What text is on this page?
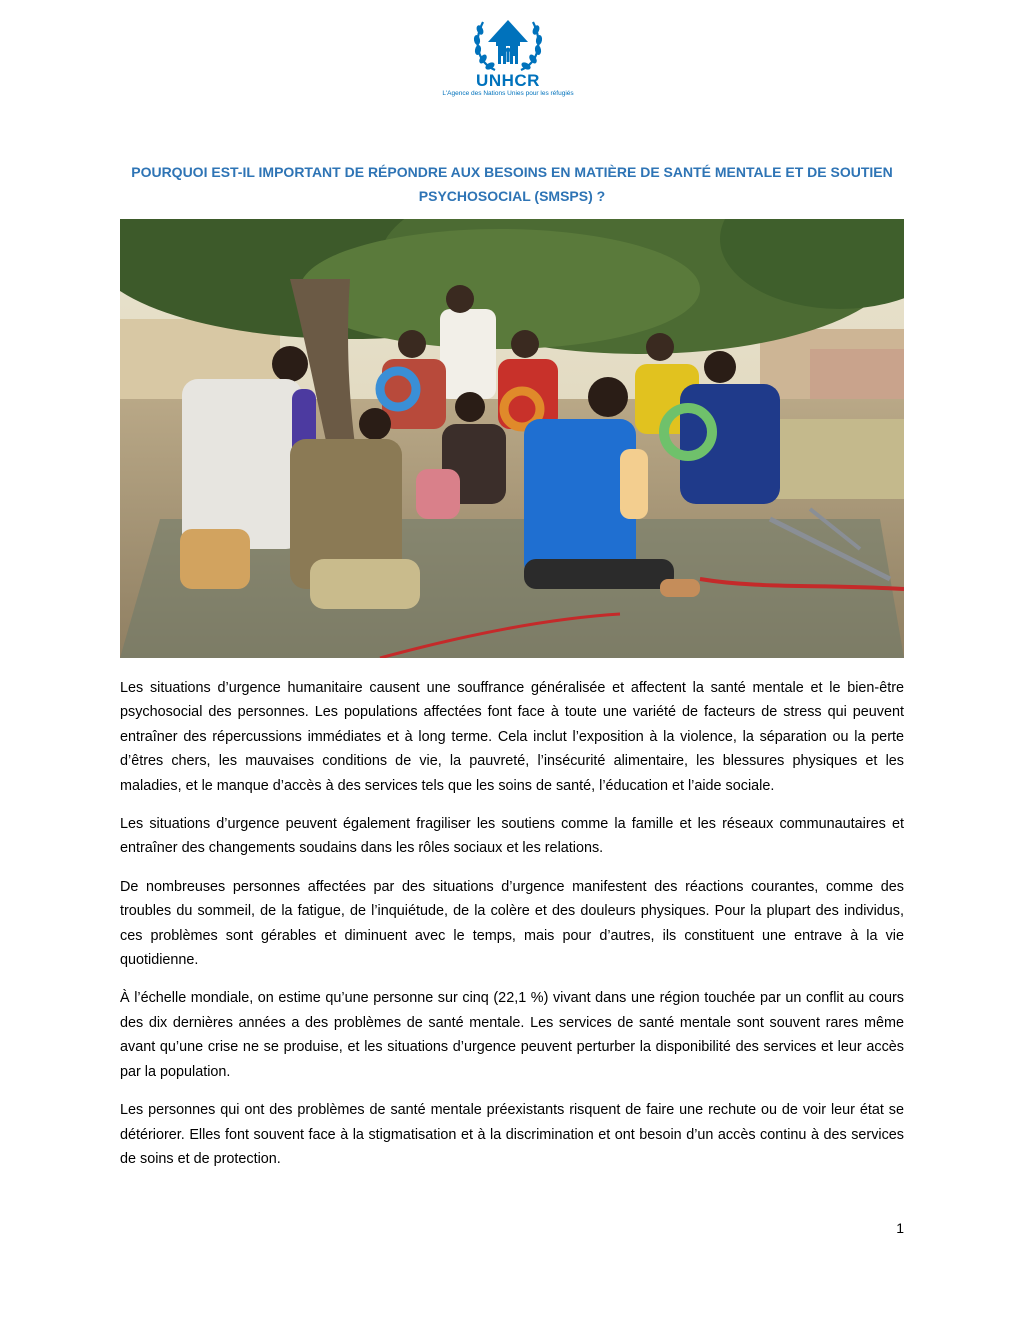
UNHCR
L'Agence des Nations Unies pour les réfugiés
POURQUOI EST-IL IMPORTANT DE RÉPONDRE AUX BESOINS EN MATIÈRE DE SANTÉ MENTALE ET DE SOUTIEN PSYCHOSOCIAL (SMSPS) ?

Les situations d’urgence humanitaire causent une souffrance généralisée et affectent la santé mentale et le bien-être psychosocial des personnes. Les populations affectées font face à toute une variété de facteurs de stress qui peuvent entraîner des répercussions immédiates et à long terme. Cela inclut l’exposition à la violence, la séparation ou la perte d’êtres chers, les mauvaises conditions de vie, la pauvreté, l’insécurité alimentaire, les blessures physiques et les maladies, et le manque d’accès à des services tels que les soins de santé, l’éducation et l’aide sociale.

Les situations d’urgence peuvent également fragiliser les soutiens comme la famille et les réseaux communautaires et entraîner des changements soudains dans les rôles sociaux et les relations.

De nombreuses personnes affectées par des situations d’urgence manifestent des réactions courantes, comme des troubles du sommeil, de la fatigue, de l’inquiétude, de la colère et des douleurs physiques. Pour la plupart des individus, ces problèmes sont gérables et diminuent avec le temps, mais pour d’autres, ils constituent une entrave à la vie quotidienne.

À l’échelle mondiale, on estime qu’une personne sur cinq (22,1 %) vivant dans une région touchée par un conflit au cours des dix dernières années a des problèmes de santé mentale. Les services de santé mentale sont souvent rares même avant qu’une crise ne se produise, et les situations d’urgence peuvent perturber la disponibilité des services et leur accès par la population.

Les personnes qui ont des problèmes de santé mentale préexistants risquent de faire une rechute ou de voir leur état se détériorer. Elles font souvent face à la stigmatisation et à la discrimination et ont besoin d’un accès continu à des services de soins et de protection.

1
